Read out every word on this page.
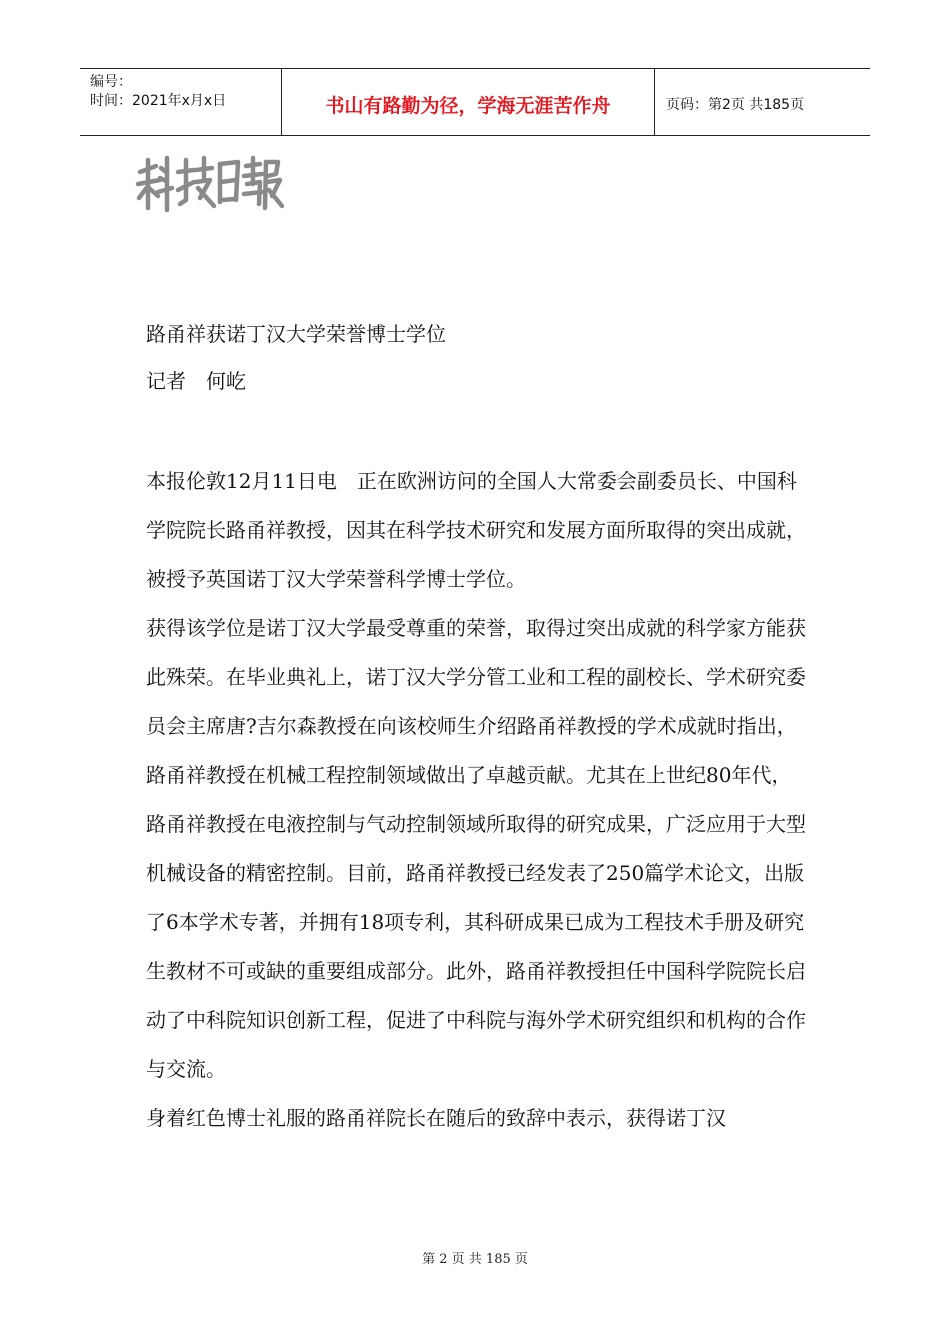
编号：
时间：2021年x月x日	书山有路勤为径，学海无涯苦作舟	页码：第2页 共185页

路甬祥获诺丁汉大学荣誉博士学位

记者 何屹

本报伦敦12月11日电 正在欧洲访问的全国人大常委会副委员长、中国科学院院长路甬祥教授，因其在科学技术研究和发展方面所取得的突出成就，被授予英国诺丁汉大学荣誉科学博士学位。

获得该学位是诺丁汉大学最受尊重的荣誉，取得过突出成就的科学家方能获此殊荣。在毕业典礼上，诺丁汉大学分管工业和工程的副校长、学术研究委员会主席唐?吉尔森教授在向该校师生介绍路甬祥教授的学术成就时指出，路甬祥教授在机械工程控制领域做出了卓越贡献。尤其在上世纪80年代，路甬祥教授在电液控制与气动控制领域所取得的研究成果，广泛应用于大型机械设备的精密控制。目前，路甬祥教授已经发表了250篇学术论文，出版了6本学术专著，并拥有18项专利，其科研成果已成为工程技术手册及研究生教材不可或缺的重要组成部分。此外，路甬祥教授担任中国科学院院长启动了中科院知识创新工程，促进了中科院与海外学术研究组织和机构的合作与交流。

身着红色博士礼服的路甬祥院长在随后的致辞中表示，获得诺丁汉

第 2 页 共 185 页
